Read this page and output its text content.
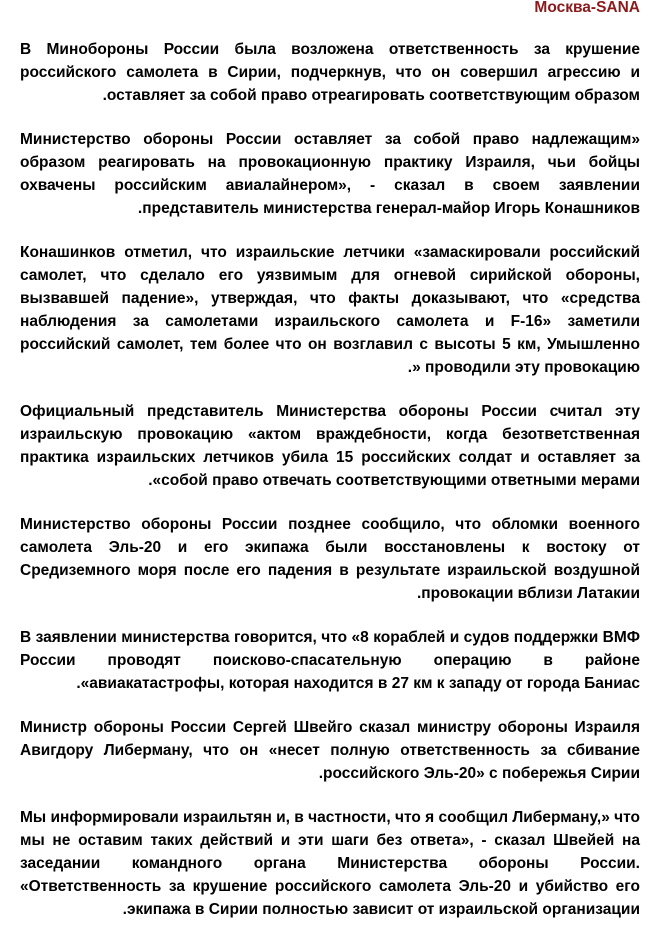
Москва-SANA

В Минобороны России была возложена ответственность за крушение российского самолета в Сирии, подчеркнув, что он совершил агрессию и оставляет за собой право отреагировать соответствующим образом.

Министерство обороны России оставляет за собой право надлежащим» образом реагировать на провокационную практику Израиля, чьи бойцы охвачены российским авиалайнером», - сказал в своем заявлении представитель министерства генерал-майор Игорь Конашников.

Конашинков отметил, что израильские летчики «замаскировали российский самолет, что сделало его уязвимым для огневой сирийской обороны, вызвавшей падение», утверждая, что факты доказывают, что «средства наблюдения за самолетами израильского самолета и F-16» заметили российский самолет, тем более что он возглавил с высоты 5 км, Умышленно проводили эту провокацию «.

Официальный представитель Министерства обороны России считал эту израильскую провокацию «актом враждебности, когда безответственная практика израильских летчиков убила 15 российских солдат и оставляет за собой право отвечать соответствующими ответными мерами».

Министерство обороны России позднее сообщило, что обломки военного самолета Эль-20 и его экипажа были восстановлены к востоку от Средиземного моря после его падения в результате израильской воздушной провокации вблизи Латакии.

В заявлении министерства говорится, что «8 кораблей и судов поддержки ВМФ России проводят поисково-спасательную операцию в районе авиакатастрофы, которая находится в 27 км к западу от города Баниас».

Министр обороны России Сергей Швейго сказал министру обороны Израиля Авигдору Либерману, что он «несет полную ответственность за сбивание российского Эль-20» с побережья Сирии.

Мы информировали израильтян и, в частности, что я сообщил Либерману,» что мы не оставим таких действий и эти шаги без ответа», - сказал Швейей на заседании командного органа Министерства обороны России. «Ответственность за крушение российского самолета Эль-20 и убийство его экипажа в Сирии полностью зависит от израильской организации.
